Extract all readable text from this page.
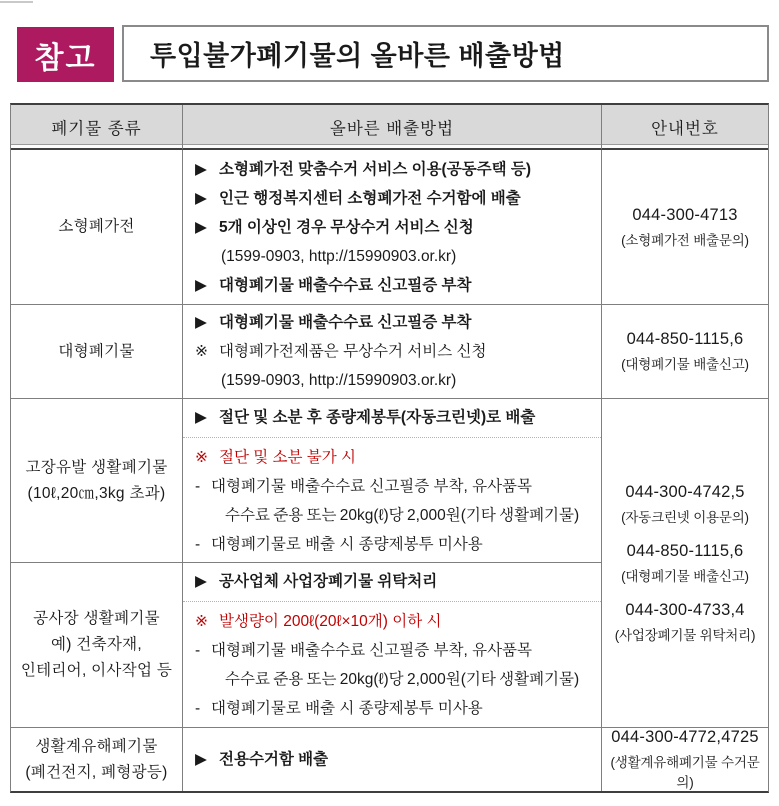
참고 투입불가폐기물의 올바른 배출방법
폐기물 종류	올바른 배출방법	안내번호
소형폐가전
▶ 소형폐가전 맞춤수거 서비스 이용(공동주택 등)
▶ 인근 행정복지센터 소형폐가전 수거함에 배출
▶ 5개 이상인 경우 무상수거 서비스 신청
(1599-0903, http://15990903.or.kr)
▶ 대형폐기물 배출수수료 신고필증 부착
044-300-4713
(소형폐가전 배출문의)
대형폐기물
▶ 대형폐기물 배출수수료 신고필증 부착
※ 대형폐가전제품은 무상수거 서비스 신청
(1599-0903, http://15990903.or.kr)
044-850-1115,6
(대형폐기물 배출신고)
고장유발 생활폐기물
(10ℓ,20㎝,3kg 초과)
▶ 절단 및 소분 후 종량제봉투(자동크린넷)로 배출
※ 절단 및 소분 불가 시
- 대형폐기물 배출수수료 신고필증 부착, 유사품목
수수료 준용 또는 20kg(ℓ)당 2,000원(기타 생활폐기물)
- 대형폐기물로 배출 시 종량제봉투 미사용
044-300-4742,5
(자동크린넷 이용문의)
044-850-1115,6
(대형폐기물 배출신고)
044-300-4733,4
(사업장폐기물 위탁처리)
공사장 생활폐기물
예) 건축자재,
인테리어, 이사작업 등
▶ 공사업체 사업장폐기물 위탁처리
※ 발생량이 200ℓ(20ℓ×10개) 이하 시
- 대형폐기물 배출수수료 신고필증 부착, 유사품목
수수료 준용 또는 20kg(ℓ)당 2,000원(기타 생활폐기물)
- 대형폐기물로 배출 시 종량제봉투 미사용
생활계유해폐기물
(폐건전지, 폐형광등)
▶ 전용수거함 배출
044-300-4772,4725
(생활계유해폐기물 수거문의)
